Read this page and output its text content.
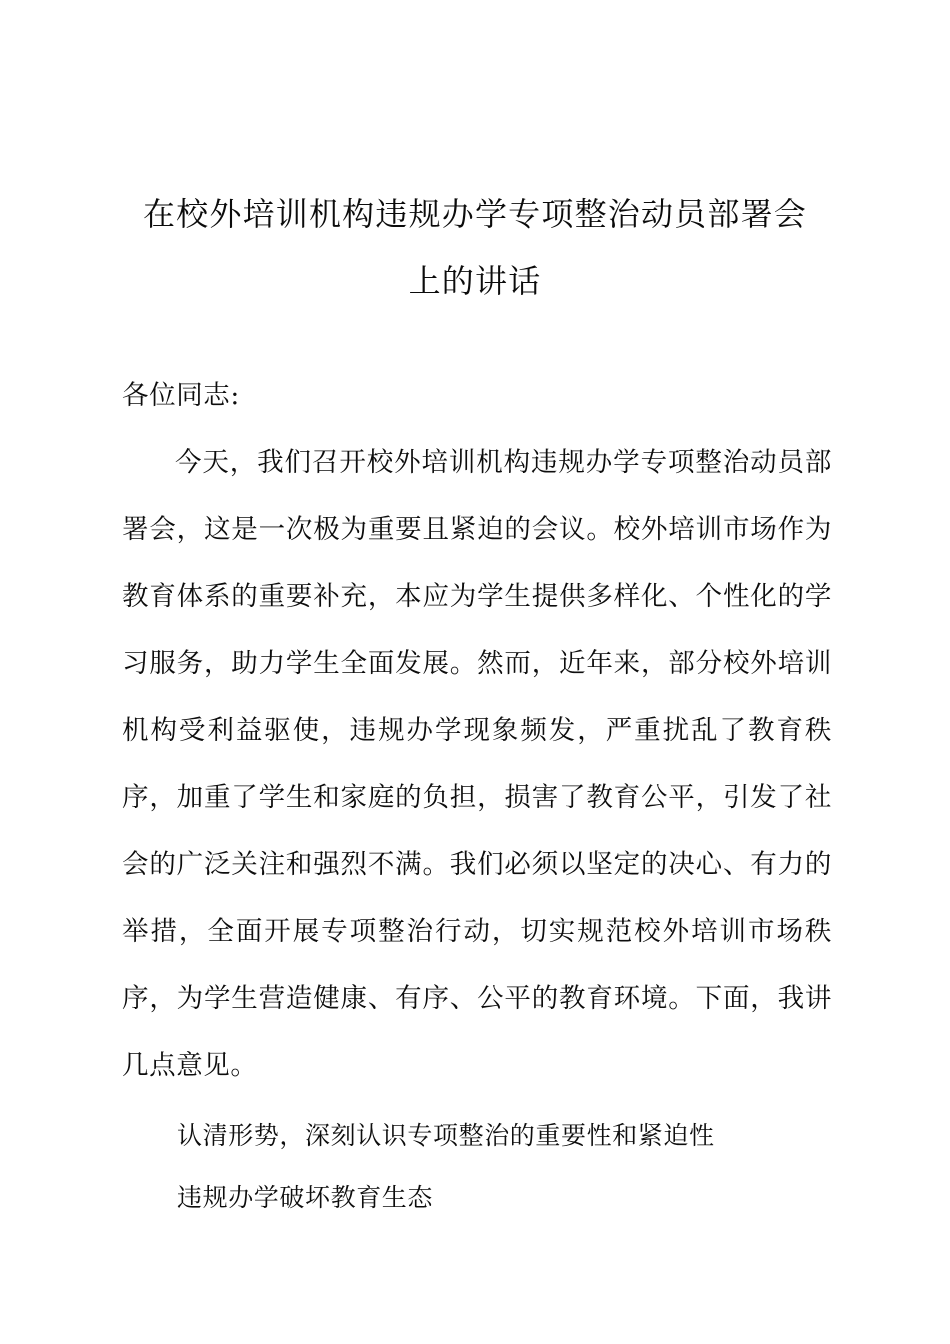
在校外培训机构违规办学专项整治动员部署会
上的讲话

各位同志:

今天，我们召开校外培训机构违规办学专项整治动员部署会，这是一次极为重要且紧迫的会议。校外培训市场作为教育体系的重要补充，本应为学生提供多样化、个性化的学习服务，助力学生全面发展。然而，近年来，部分校外培训机构受利益驱使，违规办学现象频发，严重扰乱了教育秩序，加重了学生和家庭的负担，损害了教育公平，引发了社会的广泛关注和强烈不满。我们必须以坚定的决心、有力的举措，全面开展专项整治行动，切实规范校外培训市场秩序，为学生营造健康、有序、公平的教育环境。下面，我讲几点意见。

认清形势，深刻认识专项整治的重要性和紧迫性

违规办学破坏教育生态
